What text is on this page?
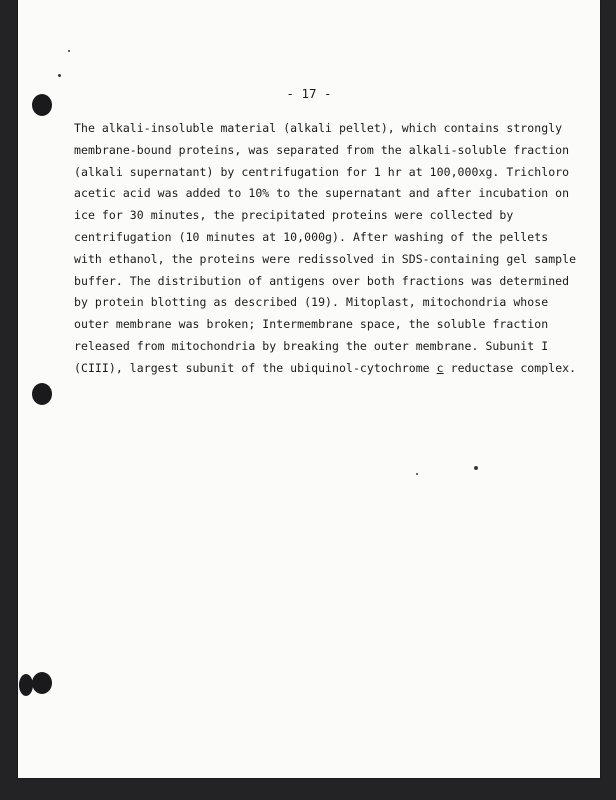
- 17 -
The alkali-insoluble material (alkali pellet), which contains strongly
membrane-bound proteins, was separated from the alkali-soluble fraction
(alkali supernatant) by centrifugation for 1 hr at 100,000xg. Trichloro
acetic acid was added to 10% to the supernatant and after incubation on
ice for 30 minutes, the precipitated proteins were collected by
centrifugation (10 minutes at 10,000g). After washing of the pellets
with ethanol, the proteins were redissolved in SDS-containing gel sample
buffer. The distribution of antigens over both fractions was determined
by protein blotting as described (19). Mitoplast, mitochondria whose
outer membrane was broken; Intermembrane space, the soluble fraction
released from mitochondria by breaking the outer membrane. Subunit I
(CIII), largest subunit of the ubiquinol-cytochrome c reductase complex.
